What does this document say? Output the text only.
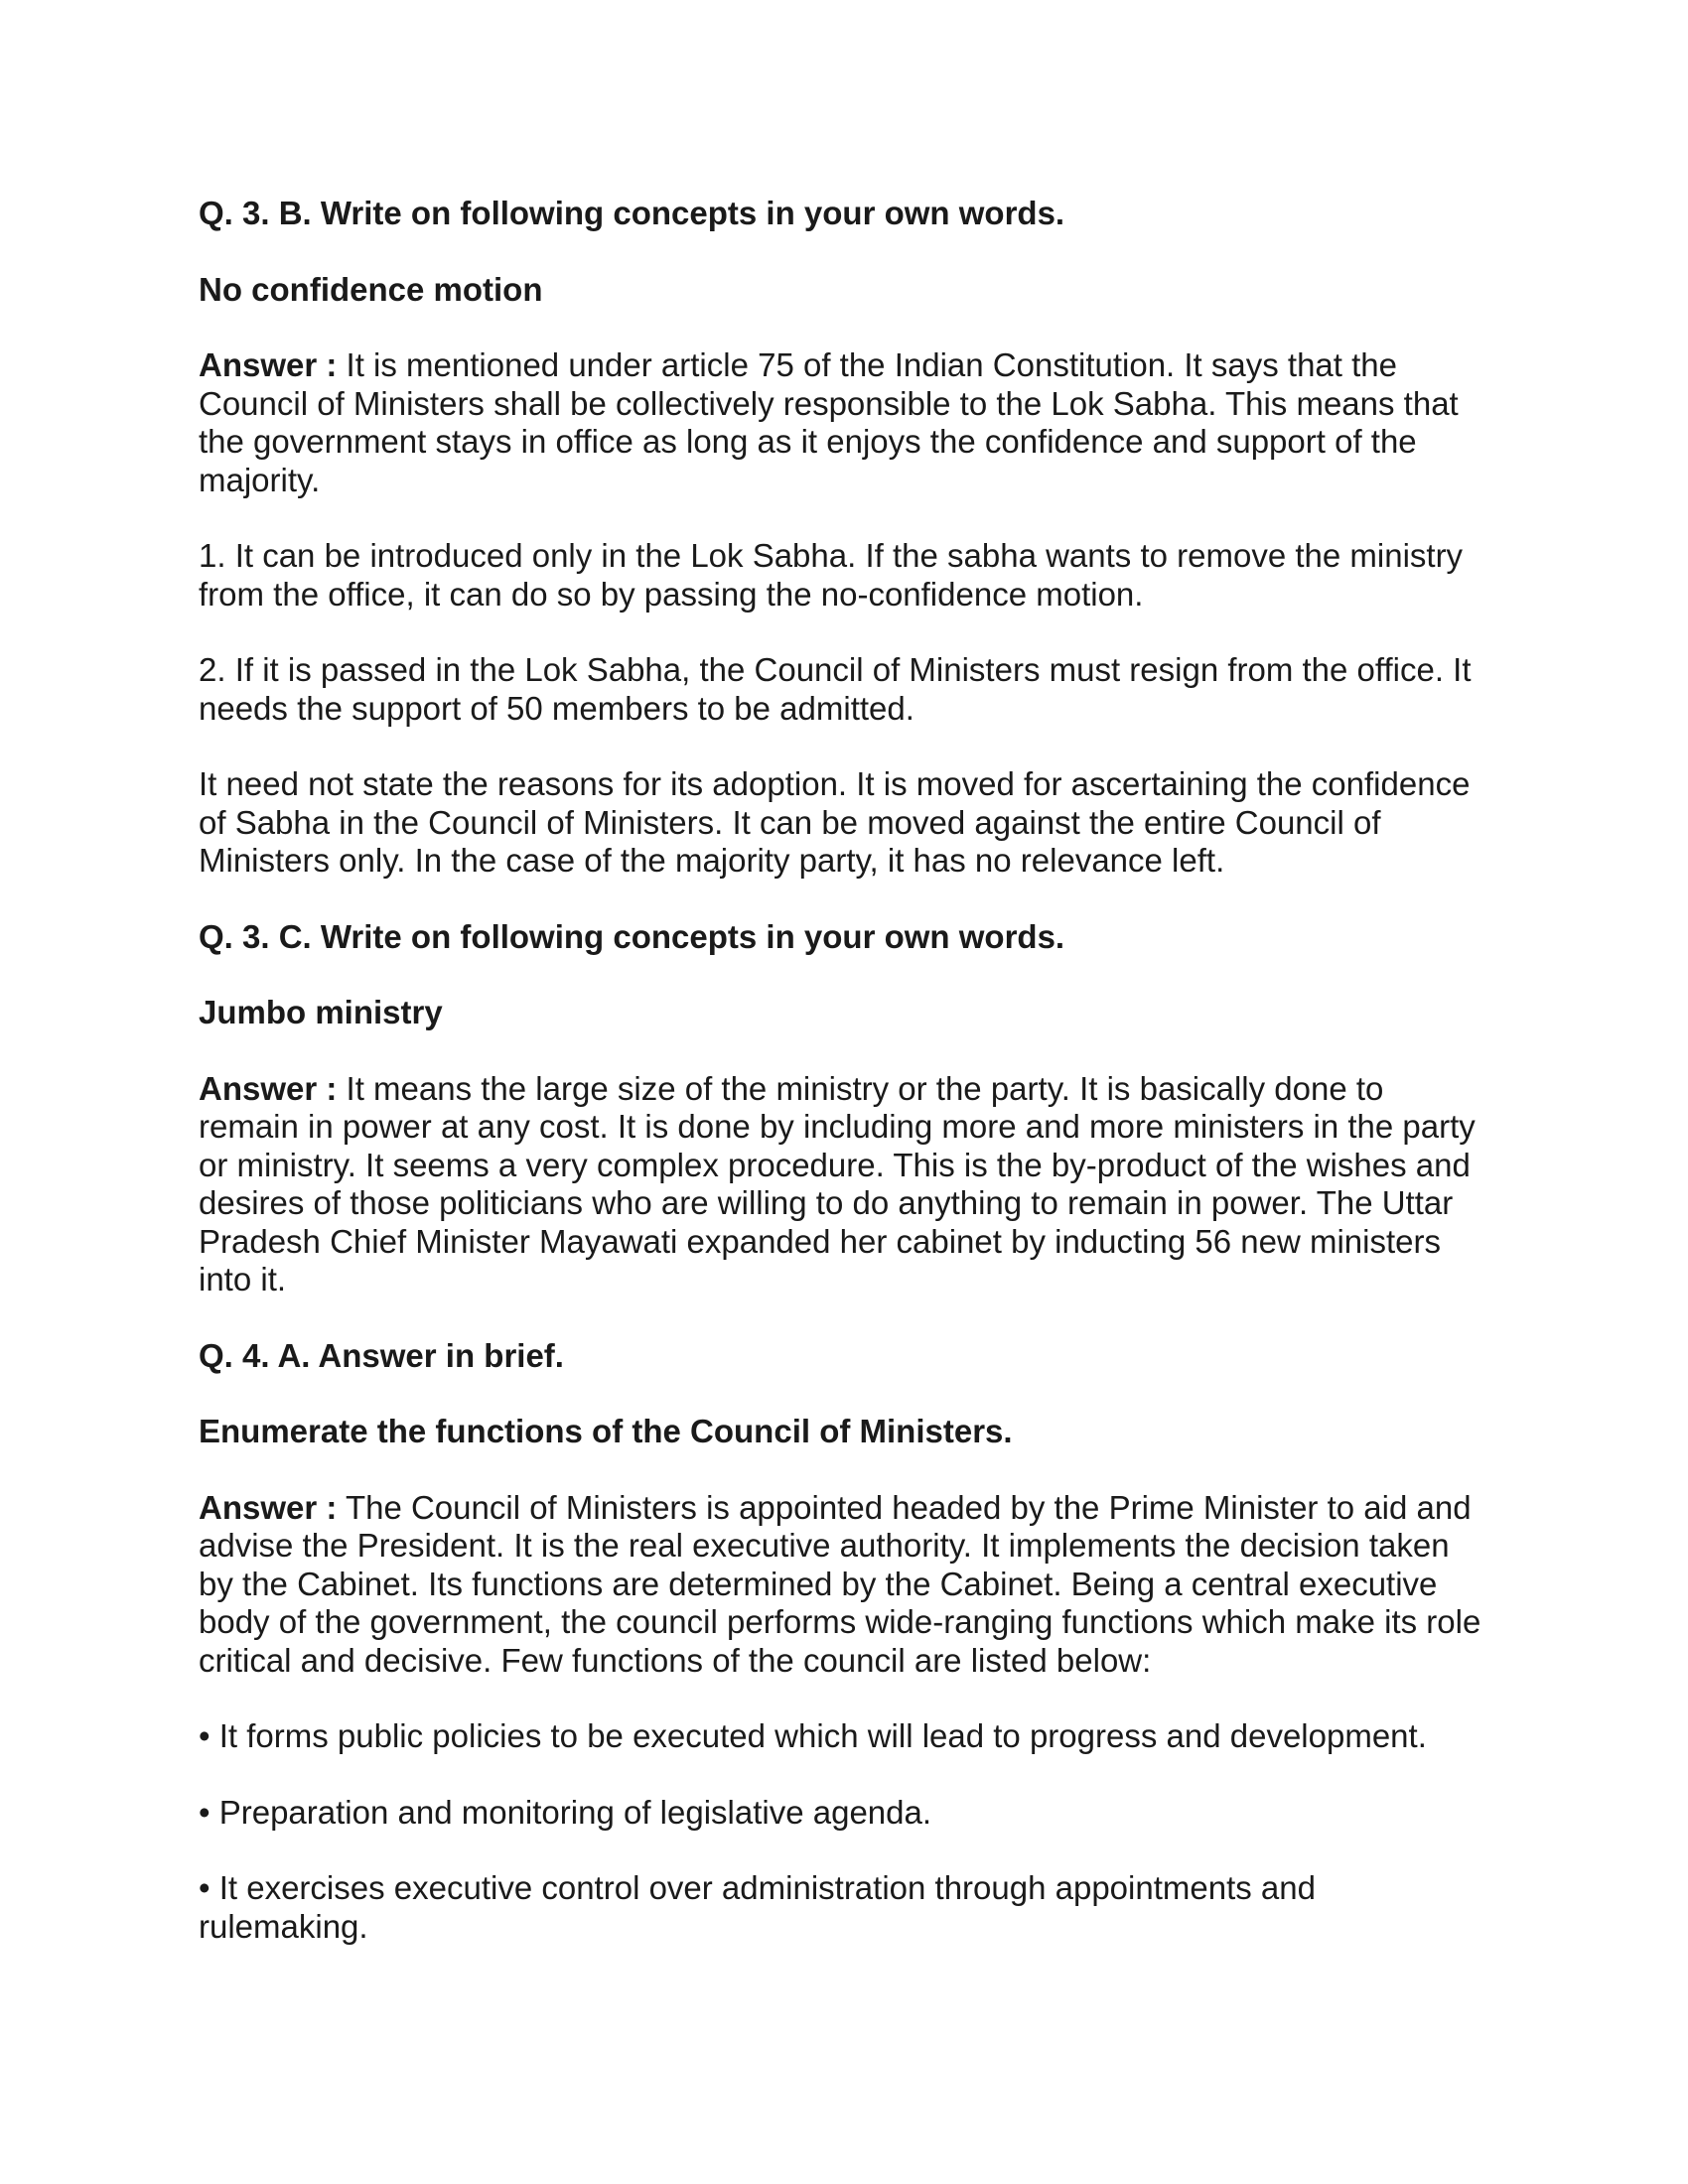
Q. 3. B. Write on following concepts in your own words.
No confidence motion

Answer : It is mentioned under article 75 of the Indian Constitution. It says that the Council of Ministers shall be collectively responsible to the Lok Sabha. This means that the government stays in office as long as it enjoys the confidence and support of the majority.

1. It can be introduced only in the Lok Sabha. If the sabha wants to remove the ministry from the office, it can do so by passing the no-confidence motion.

2. If it is passed in the Lok Sabha, the Council of Ministers must resign from the office. It needs the support of 50 members to be admitted.

It need not state the reasons for its adoption. It is moved for ascertaining the confidence of Sabha in the Council of Ministers. It can be moved against the entire Council of Ministers only. In the case of the majority party, it has no relevance left.

Q. 3. C. Write on following concepts in your own words.
Jumbo ministry

Answer : It means the large size of the ministry or the party. It is basically done to remain in power at any cost. It is done by including more and more ministers in the party or ministry. It seems a very complex procedure. This is the by-product of the wishes and desires of those politicians who are willing to do anything to remain in power. The Uttar Pradesh Chief Minister Mayawati expanded her cabinet by inducting 56 new ministers into it.

Q. 4. A. Answer in brief.
Enumerate the functions of the Council of Ministers.

Answer : The Council of Ministers is appointed headed by the Prime Minister to aid and advise the President. It is the real executive authority. It implements the decision taken by the Cabinet. Its functions are determined by the Cabinet. Being a central executive body of the government, the council performs wide-ranging functions which make its role critical and decisive. Few functions of the council are listed below:

• It forms public policies to be executed which will lead to progress and development.

• Preparation and monitoring of legislative agenda.

• It exercises executive control over administration through appointments and rulemaking.
